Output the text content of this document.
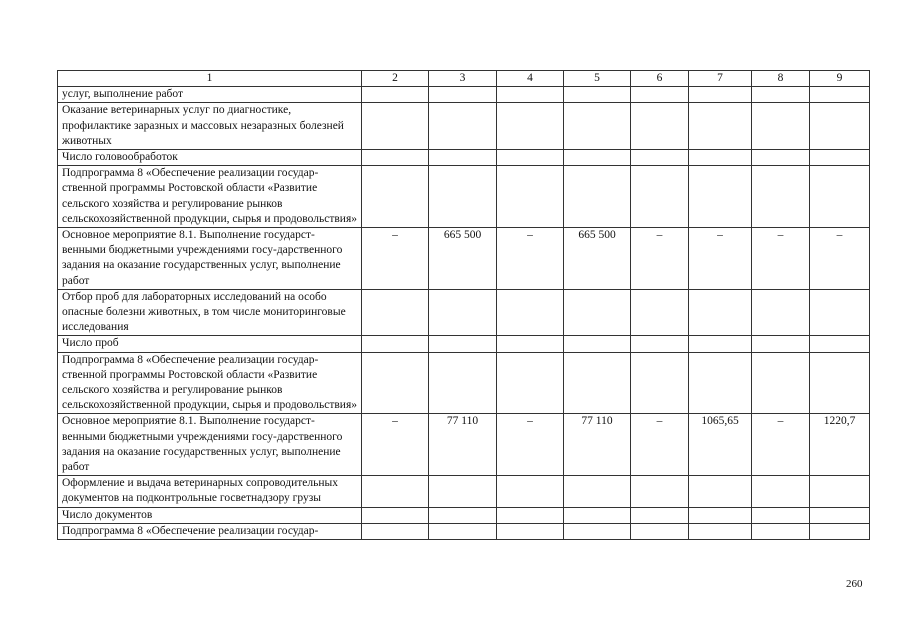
1	2	3	4	5	6	7	8	9
услуг, выполнение работ								
Оказание ветеринарных услуг по диагностике, профилактике заразных и массовых незаразных болезней животных								
Число головообработок								
Подпрограмма 8 «Обеспечение реализации государ-ственной программы Ростовской области «Развитие сельского хозяйства и регулирование рынков сельскохозяйственной продукции, сырья и продовольствия»								
Основное мероприятие 8.1. Выполнение государст-венными бюджетными учреждениями госу-дарственного задания на оказание государственных услуг, выполнение работ	–	665 500	–	665 500	–	–	–	–
Отбор проб для лабораторных исследований на особо опасные болезни животных, в том числе мониторинговые исследования								
Число проб								
Подпрограмма 8 «Обеспечение реализации государ-ственной программы Ростовской области «Развитие сельского хозяйства и регулирование рынков сельскохозяйственной продукции, сырья и продовольствия»								
Основное мероприятие 8.1. Выполнение государст-венными бюджетными учреждениями госу-дарственного задания на оказание государственных услуг, выполнение работ	–	77 110	–	77 110	–	1065,65	–	1220,7
Оформление и выдача ветеринарных сопроводительных документов на подконтрольные госветнадзору грузы								
Число документов								
Подпрограмма 8 «Обеспечение реализации государ-								
260
